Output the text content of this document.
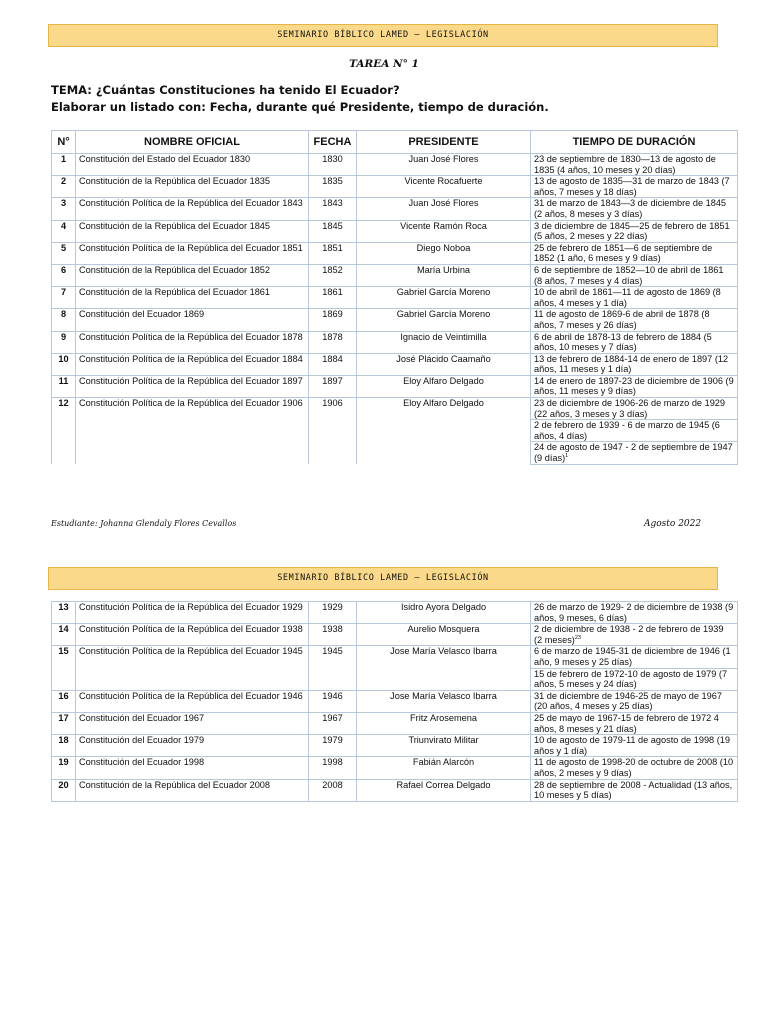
SEMINARIO BÍBLICO LAMED – LEGISLACIÓN
TAREA N° 1
TEMA: ¿Cuántas Constituciones ha tenido El Ecuador?
Elaborar un listado con: Fecha, durante qué Presidente, tiempo de duración.
N°	NOMBRE OFICIAL	FECHA	PRESIDENTE	TIEMPO DE DURACIÓN
1	Constitución del Estado del Ecuador 1830	1830	Juan José Flores	23 de septiembre de 1830—13 de agosto de 1835 (4 años, 10 meses y 20 días)
2	Constitución de la República del Ecuador 1835	1835	Vicente Rocafuerte	13 de agosto de 1835—31 de marzo de 1843 (7 años, 7 meses y 18 días)
3	Constitución Política de la República del Ecuador 1843	1843	Juan José Flores	31 de marzo de 1843—3 de diciembre de 1845 (2 años, 8 meses y 3 días)
4	Constitución de la República del Ecuador 1845	1845	Vicente Ramón Roca	3 de diciembre de 1845—25 de febrero de 1851 (5 años, 2 meses y 22 días)
5	Constitución Política de la República del Ecuador 1851	1851	Diego Noboa	25 de febrero de 1851—6 de septiembre de 1852 (1 año, 6 meses y 9 días)
6	Constitución de la República del Ecuador 1852	1852	María Urbina	6 de septiembre de 1852—10 de abril de 1861 (8 años, 7 meses y 4 días)
7	Constitución de la República del Ecuador 1861	1861	Gabriel García Moreno	10 de abril de 1861—11 de agosto de 1869 (8 años, 4 meses y 1 día)
8	Constitución del Ecuador 1869	1869	Gabriel García Moreno	11 de agosto de 1869-6 de abril de 1878 (8 años, 7 meses y 26 días)
9	Constitución Política de la República del Ecuador 1878	1878	Ignacio de Veintimilla	6 de abril de 1878-13 de febrero de 1884 (5 años, 10 meses y 7 días)
10	Constitución Política de la República del Ecuador 1884	1884	José Plácido Caamaño	13 de febrero de 1884-14 de enero de 1897 (12 años, 11 meses y 1 día)
11	Constitución Política de la República del Ecuador 1897	1897	Eloy Alfaro Delgado	14 de enero de 1897-23 de diciembre de 1906 (9 años, 11 meses y 9 días)
12	Constitución Política de la República del Ecuador 1906	1906	Eloy Alfaro Delgado	23 de diciembre de 1906-26 de marzo de 1929 (22 años, 3 meses y 3 días)
				2 de febrero de 1939 - 6 de marzo de 1945 (6 años, 4 días)
				24 de agosto de 1947 - 2 de septiembre de 1947 (9 días)$^1$
Estudiante: Johanna Glendaly Flores Cevallos	Agosto 2022
SEMINARIO BÍBLICO LAMED – LEGISLACIÓN
13	Constitución Política de la República del Ecuador 1929	1929	Isidro Ayora Delgado	26 de marzo de 1929- 2 de diciembre de 1938 (9 años, 9 meses, 6 días)
14	Constitución Política de la República del Ecuador 1938	1938	Aurelio Mosquera	2 de diciembre de 1938 - 2 de febrero de 1939 (2 meses)$^{23}$
15	Constitución Política de la República del Ecuador 1945	1945	Jose María Velasco Ibarra	6 de marzo de 1945-31 de diciembre de 1946 (1 año, 9 meses y 25 días)
				15 de febrero de 1972-10 de agosto de 1979 (7 años, 5 meses y 24 días)
16	Constitución Política de la República del Ecuador 1946	1946	Jose María Velasco Ibarra	31 de diciembre de 1946-25 de mayo de 1967 (20 años, 4 meses y 25 días)
17	Constitución del Ecuador 1967	1967	Fritz Arosemena	25 de mayo de 1967-15 de febrero de 1972 4 años, 8 meses y 21 días)
18	Constitución del Ecuador 1979	1979	Triunvirato Militar	10 de agosto de 1979-11 de agosto de 1998 (19 años y 1 día)
19	Constitución del Ecuador 1998	1998	Fabián Alarcón	11 de agosto de 1998-20 de octubre de 2008 (10 años, 2 meses y 9 días)
20	Constitución de la República del Ecuador 2008	2008	Rafael Correa Delgado	28 de septiembre de 2008 - Actualidad (13 años, 10 meses y 5 días)
